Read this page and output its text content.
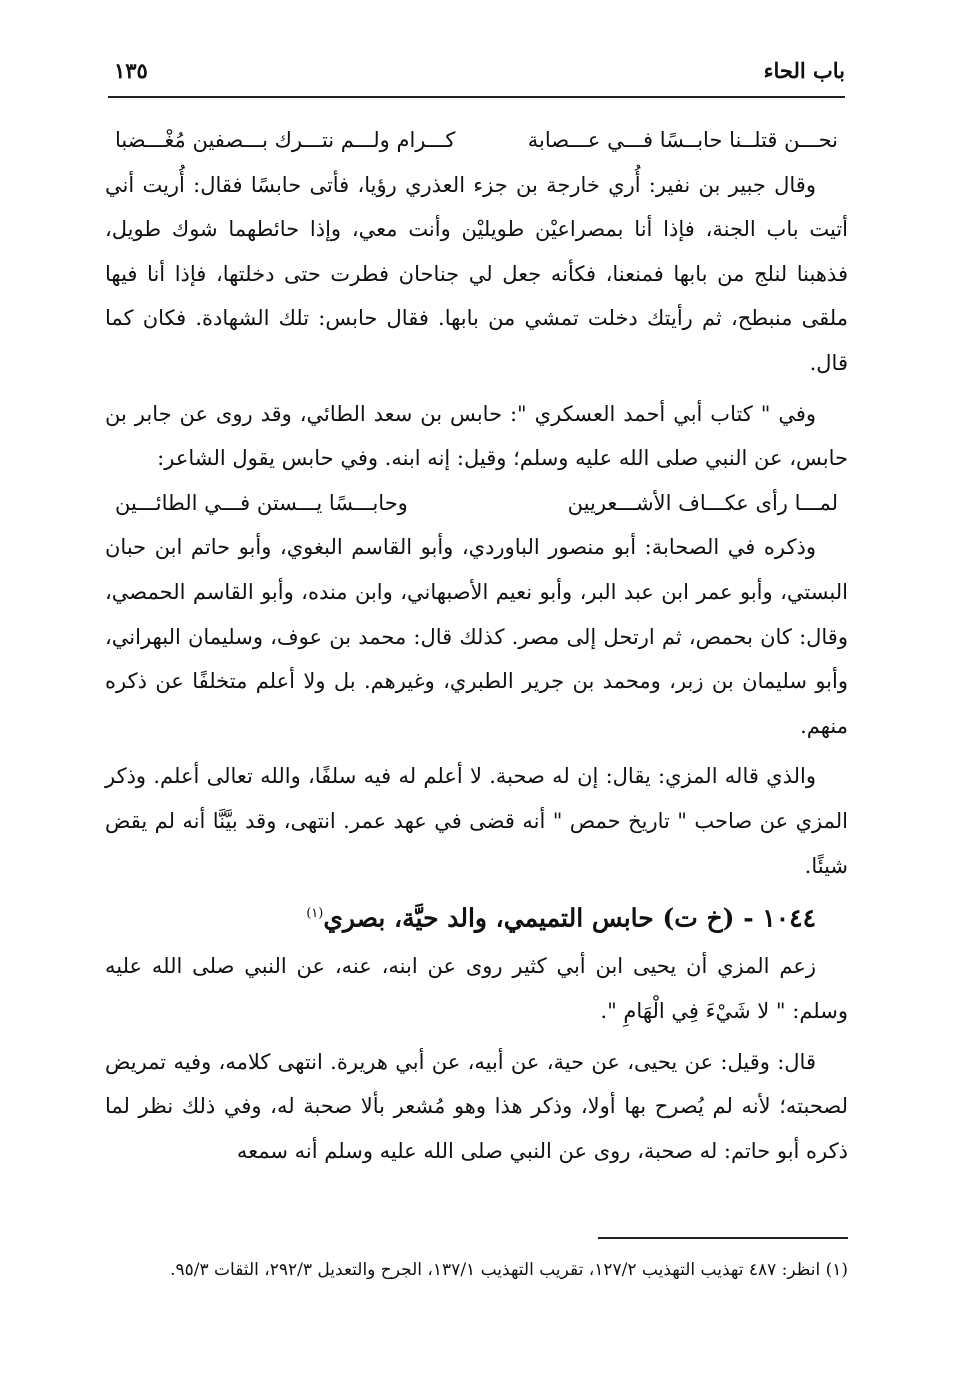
باب الحاء
١٣٥
نحـــن قتلــنا حابــسًا فـــي عـــصابة
كـــرام ولـــم نتـــرك بـــصفين مُغْـــضبا

وقال جبير بن نفير: أُري خارجة بن جزء العذري رؤيا، فأتى حابسًا فقال: أُريت أني أتيت باب الجنة، فإذا أنا بمصراعيْن طويليْن وأنت معي، وإذا حائطهما شوك طويل، فذهبنا لنلج من بابها فمنعنا، فكأنه جعل لي جناحان فطرت حتى دخلتها، فإذا أنا فيها ملقى منبطح، ثم رأيتك دخلت تمشي من بابها. فقال حابس: تلك الشهادة. فكان كما قال.

وفي " كتاب أبي أحمد العسكري ": حابس بن سعد الطائي، وقد روى عن جابر بن حابس، عن النبي صلى الله عليه وسلم؛ وقيل: إنه ابنه. وفي حابس يقول الشاعر:

لمـــا رأى عكـــاف الأشـــعريين
وحابـــسًا يـــستن فـــي الطائـــين

وذكره في الصحابة: أبو منصور الباوردي، وأبو القاسم البغوي، وأبو حاتم ابن حبان البستي، وأبو عمر ابن عبد البر، وأبو نعيم الأصبهاني، وابن منده، وأبو القاسم الحمصي، وقال: كان بحمص، ثم ارتحل إلى مصر. كذلك قال: محمد بن عوف، وسليمان البهراني، وأبو سليمان بن زبر، ومحمد بن جرير الطبري، وغيرهم. بل ولا أعلم متخلفًا عن ذكره منهم.

والذي قاله المزي: يقال: إن له صحبة. لا أعلم له فيه سلفًا، والله تعالى أعلم. وذكر المزي عن صاحب " تاريخ حمص " أنه قضى في عهد عمر. انتهى، وقد بيَّنَّا أنه لم يقض شيئًا.

١٠٤٤ - (خ ت) حابس التميمي، والد حيَّة، بصري$^{(١)}$

زعم المزي أن يحيى ابن أبي كثير روى عن ابنه، عنه، عن النبي صلى الله عليه وسلم: " لا شَيْءَ فِي الْهَامِ ".

قال: وقيل: عن يحيى، عن حية، عن أبيه، عن أبي هريرة. انتهى كلامه، وفيه تمريض لصحبته؛ لأنه لم يُصرح بها أولا، وذكر هذا وهو مُشعر بألا صحبة له، وفي ذلك نظر لما ذكره أبو حاتم: له صحبة، روى عن النبي صلى الله عليه وسلم أنه سمعه

(١) انظر: ٤٨٧ تهذيب التهذيب ١٢٧/٢، تقريب التهذيب ١٣٧/١، الجرح والتعديل ٢٩٢/٣، الثقات ٩٥/٣.
